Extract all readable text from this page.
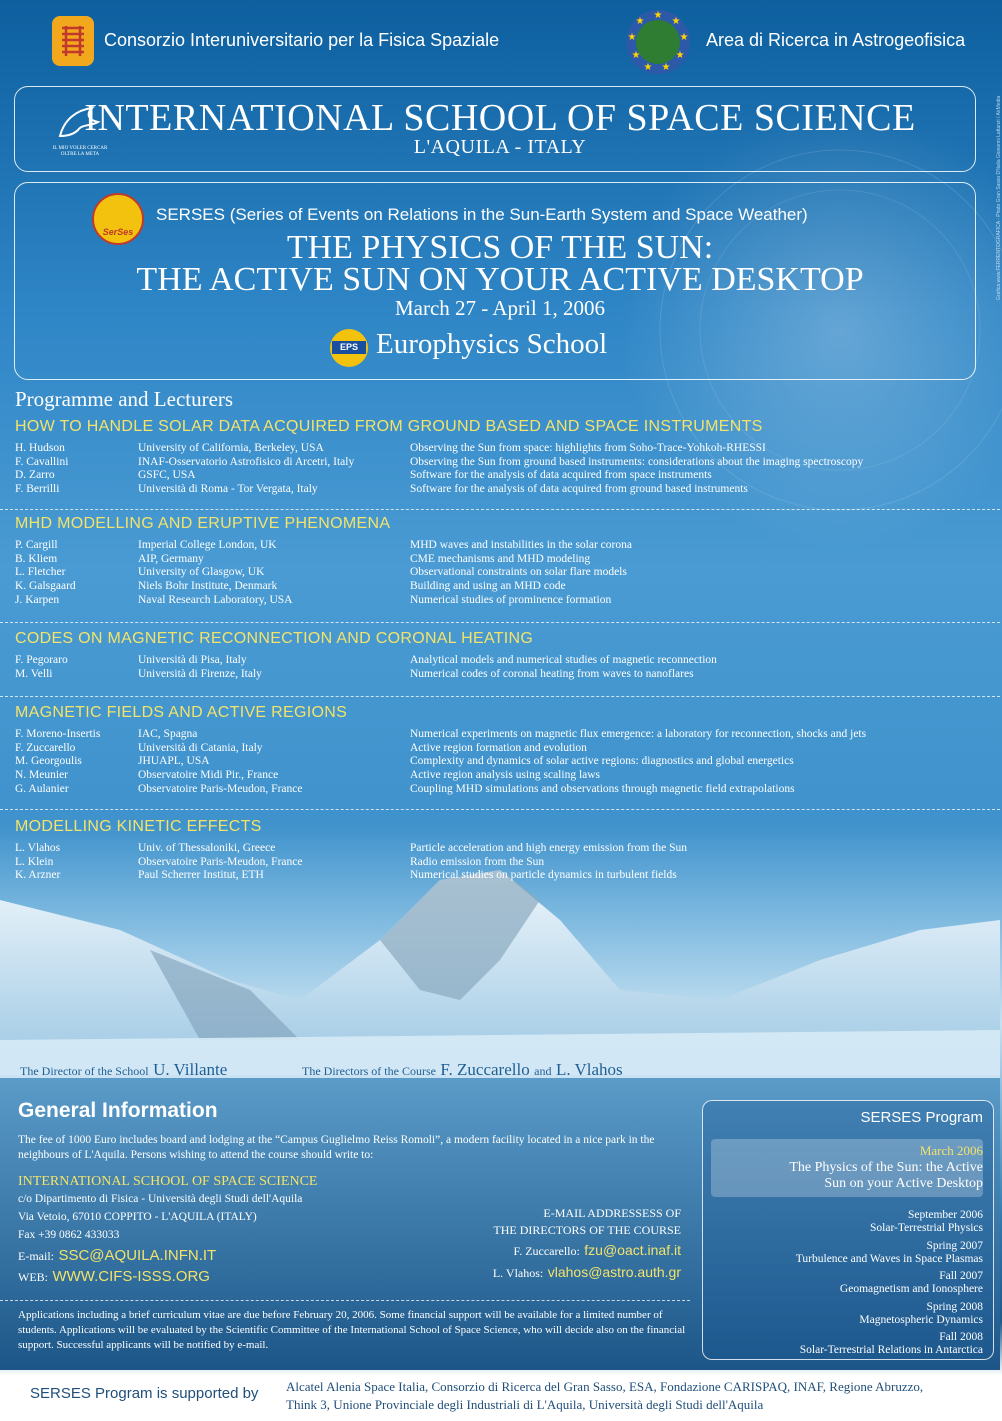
Consorzio Interuniversitario per la Fisica Spaziale
★
★
★
★
★
★
★
★
★
Area di Ricerca in Astrogeofisica
IL MIO VOLER CERCAR OLTRE LA META
INTERNATIONAL SCHOOL OF SPACE SCIENCE
L'AQUILA - ITALY
SerSes
SERSES (Series of Events on Relations in the Sun-Earth System and Space Weather)
THE PHYSICS OF THE SUN:
THE ACTIVE SUN ON YOUR ACTIVE DESKTOP
March 27 - April 1, 2006
EPS Europhysics School
Grafica www.FERRENTOGRAFICA - Photo Gran Sasso D'Italia Giovanni Lattanzi / AirMedia
Programme and Lecturers
HOW TO HANDLE SOLAR DATA ACQUIRED FROM GROUND BASED AND SPACE INSTRUMENTS
H. Hudson	University of California, Berkeley, USA	Observing the Sun from space: highlights from Soho-Trace-Yohkoh-RHESSI
F. Cavallini	INAF-Osservatorio Astrofisico di Arcetri, Italy	Observing the Sun from ground based instruments: considerations about the imaging spectroscopy
D. Zarro	GSFC, USA	Software for the analysis of data acquired from space instruments
F. Berrilli	Università di Roma - Tor Vergata, Italy	Software for the analysis of data acquired from ground based instruments
MHD MODELLING AND ERUPTIVE PHENOMENA
P. Cargill	Imperial College London, UK	MHD waves and instabilities in the solar corona
B. Kliem	AIP, Germany	CME mechanisms and MHD modeling
L. Fletcher	University of Glasgow, UK	Observational constraints on solar flare models
K. Galsgaard	Niels Bohr Institute, Denmark	Building and using an MHD code
J. Karpen	Naval Research Laboratory, USA	Numerical studies of prominence formation
CODES ON MAGNETIC RECONNECTION AND CORONAL HEATING
F. Pegoraro	Università di Pisa, Italy	Analytical models and numerical studies of magnetic reconnection
M. Velli	Università di Firenze, Italy	Numerical codes of coronal heating from waves to nanoflares
MAGNETIC FIELDS AND ACTIVE REGIONS
F. Moreno-Insertis	IAC, Spagna	Numerical experiments on magnetic flux emergence: a laboratory for reconnection, shocks and jets
F. Zuccarello	Università di Catania, Italy	Active region formation and evolution
M. Georgoulis	JHUAPL, USA	Complexity and dynamics of solar active regions: diagnostics and global energetics
N. Meunier	Observatoire Midi Pir., France	Active region analysis using scaling laws
G. Aulanier	Observatoire Paris-Meudon, France	Coupling MHD simulations and observations through magnetic field extrapolations
MODELLING KINETIC EFFECTS
L. Vlahos	Univ. of Thessaloniki, Greece	Particle acceleration and high energy emission from the Sun
L. Klein	Observatoire Paris-Meudon, France	Radio emission from the Sun
K. Arzner	Paul Scherrer Institut, ETH	Numerical studies on particle dynamics in turbulent fields
The Director of the School U. Villante	The Directors of the Course F. Zuccarello and L. Vlahos
General Information
The fee of 1000 Euro includes board and lodging at the “Campus Guglielmo Reiss Romoli”, a modern facility located in a nice park in the neighbours of L'Aquila. Persons wishing to attend the course should write to:
INTERNATIONAL SCHOOL OF SPACE SCIENCE
c/o Dipartimento di Fisica - Università degli Studi dell'Aquila
Via Vetoio, 67010 COPPITO - L'AQUILA (ITALY)
Fax +39 0862 433033
E-mail: SSC@AQUILA.INFN.IT
WEB: WWW.CIFS-ISSS.ORG
E-MAIL ADDRESSESS OF
THE DIRECTORS OF THE COURSE
F. Zuccarello: fzu@oact.inaf.it
L. Vlahos: vlahos@astro.auth.gr
Applications including a brief curriculum vitae are due before February 20, 2006. Some financial support will be available for a limited number of students. Applications will be evaluated by the Scientific Committee of the International School of Space Science, who will decide also on the financial support. Successful applicants will be notified by e-mail.
SERSES Program
March 2006
The Physics of the Sun: the Active
Sun on your Active Desktop
September 2006
Solar-Terrestrial Physics
Spring 2007
Turbulence and Waves in Space Plasmas
Fall 2007
Geomagnetism and Ionosphere
Spring 2008
Magnetospheric Dynamics
Fall 2008
Solar-Terrestrial Relations in Antarctica
SERSES Program is supported by Alcatel Alenia Space Italia, Consorzio di Ricerca del Gran Sasso, ESA, Fondazione CARISPAQ, INAF, Regione Abruzzo,
Think 3, Unione Provinciale degli Industriali di L'Aquila, Università degli Studi dell'Aquila
